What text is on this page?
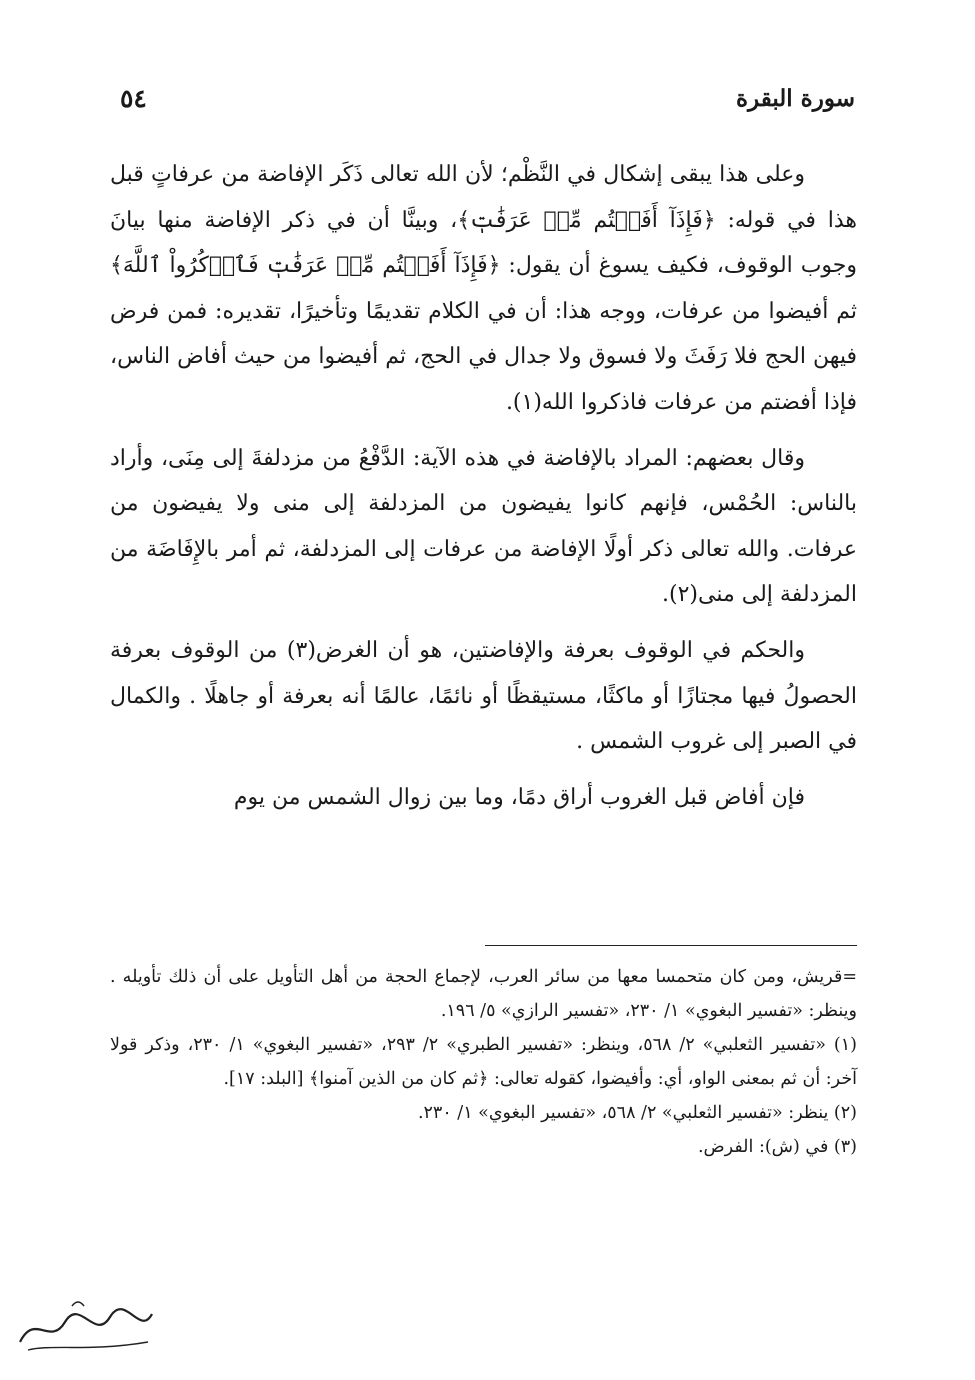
سورة البقرة
٥٤

وعلى هذا يبقى إشكال في النَّظْم؛ لأن الله تعالى ذَكَر الإفاضة من عرفاتٍ قبل هذا في قوله: ﴿فَإِذَآ أَفَضۡتُم مِّنۡ عَرَفَٰتٖ﴾، وبينَّا أن في ذكر الإفاضة منها بيانَ وجوب الوقوف، فكيف يسوغ أن يقول: ﴿فَإِذَآ أَفَضۡتُم مِّنۡ عَرَفَٰتٖ فَٱذۡكُرُواْ ٱللَّهَ﴾ ثم أفيضوا من عرفات، ووجه هذا: أن في الكلام تقديمًا وتأخيرًا، تقديره: فمن فرض فيهن الحج فلا رَفَثَ ولا فسوق ولا جدال في الحج، ثم أفيضوا من حيث أفاض الناس، فإذا أفضتم من عرفات فاذكروا الله(١).

وقال بعضهم: المراد بالإفاضة في هذه الآية: الدَّفْعُ من مزدلفةَ إلى مِنَى، وأراد بالناس: الحُمْس، فإنهم كانوا يفيضون من المزدلفة إلى منى ولا يفيضون من عرفات. والله تعالى ذكر أولًا الإفاضة من عرفات إلى المزدلفة، ثم أمر بالإِفَاضَة من المزدلفة إلى منى(٢).

والحكم في الوقوف بعرفة والإفاضتين، هو أن الغرض(٣) من الوقوف بعرفة الحصولُ فيها مجتازًا أو ماكثًا، مستيقظًا أو نائمًا، عالمًا أنه بعرفة أو جاهلًا . والكمال في الصبر إلى غروب الشمس .

فإن أفاض قبل الغروب أراق دمًا، وما بين زوال الشمس من يوم

=قريش، ومن كان متحمسا معها من سائر العرب، لإجماع الحجة من أهل التأويل على أن ذلك تأويله . وينظر: «تفسير البغوي» ١/ ٢٣٠، «تفسير الرازي» ٥/ ١٩٦.

(١) «تفسير الثعلبي» ٢/ ٥٦٨، وينظر: «تفسير الطبري» ٢/ ٢٩٣، «تفسير البغوي» ١/ ٢٣٠، وذكر قولا آخر: أن ثم بمعنى الواو، أي: وأفيضوا، كقوله تعالى: ﴿ثم كان من الذين آمنوا﴾ [البلد: ١٧].

(٢) ينظر: «تفسير الثعلبي» ٢/ ٥٦٨، «تفسير البغوي» ١/ ٢٣٠.

(٣) في (ش): الفرض.
